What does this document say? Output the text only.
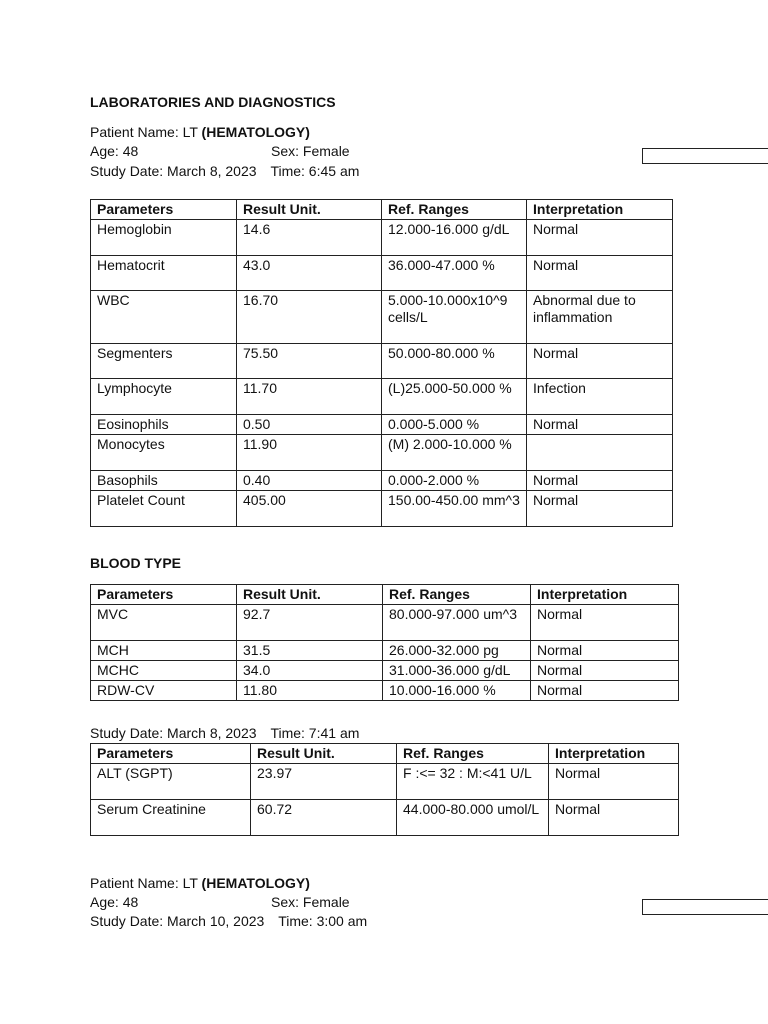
LABORATORIES AND DIAGNOSTICS
Patient Name: LT (HEMATOLOGY)
Age: 48	Sex: Female
Study Date: March 8, 2023 Time: 6:45 am
Parameters	Result Unit.	Ref. Ranges	Interpretation
Hemoglobin	14.6	12.000-16.000 g/dL	Normal
Hematocrit	43.0	36.000-47.000 %	Normal
WBC	16.70	5.000-10.000x10^9 cells/L	Abnormal due to inflammation
Segmenters	75.50	50.000-80.000 %	Normal
Lymphocyte	11.70	(L)25.000-50.000 %	Infection
Eosinophils	0.50	0.000-5.000 %	Normal
Monocytes	11.90	(M) 2.000-10.000 %	
Basophils	0.40	0.000-2.000 %	Normal
Platelet Count	405.00	150.00-450.00 mm^3	Normal
BLOOD TYPE
Parameters	Result Unit.	Ref. Ranges	Interpretation
MVC	92.7	80.000-97.000 um^3	Normal
MCH	31.5	26.000-32.000 pg	Normal
MCHC	34.0	31.000-36.000 g/dL	Normal
RDW-CV	11.80	10.000-16.000 %	Normal
Study Date: March 8, 2023 Time: 7:41 am
Parameters	Result Unit.	Ref. Ranges	Interpretation
ALT (SGPT)	23.97	F :<= 32 : M:<41 U/L	Normal
Serum Creatinine	60.72	44.000-80.000 umol/L	Normal
Patient Name: LT (HEMATOLOGY)
Age: 48	Sex: Female
Study Date: March 10, 2023 Time: 3:00 am
